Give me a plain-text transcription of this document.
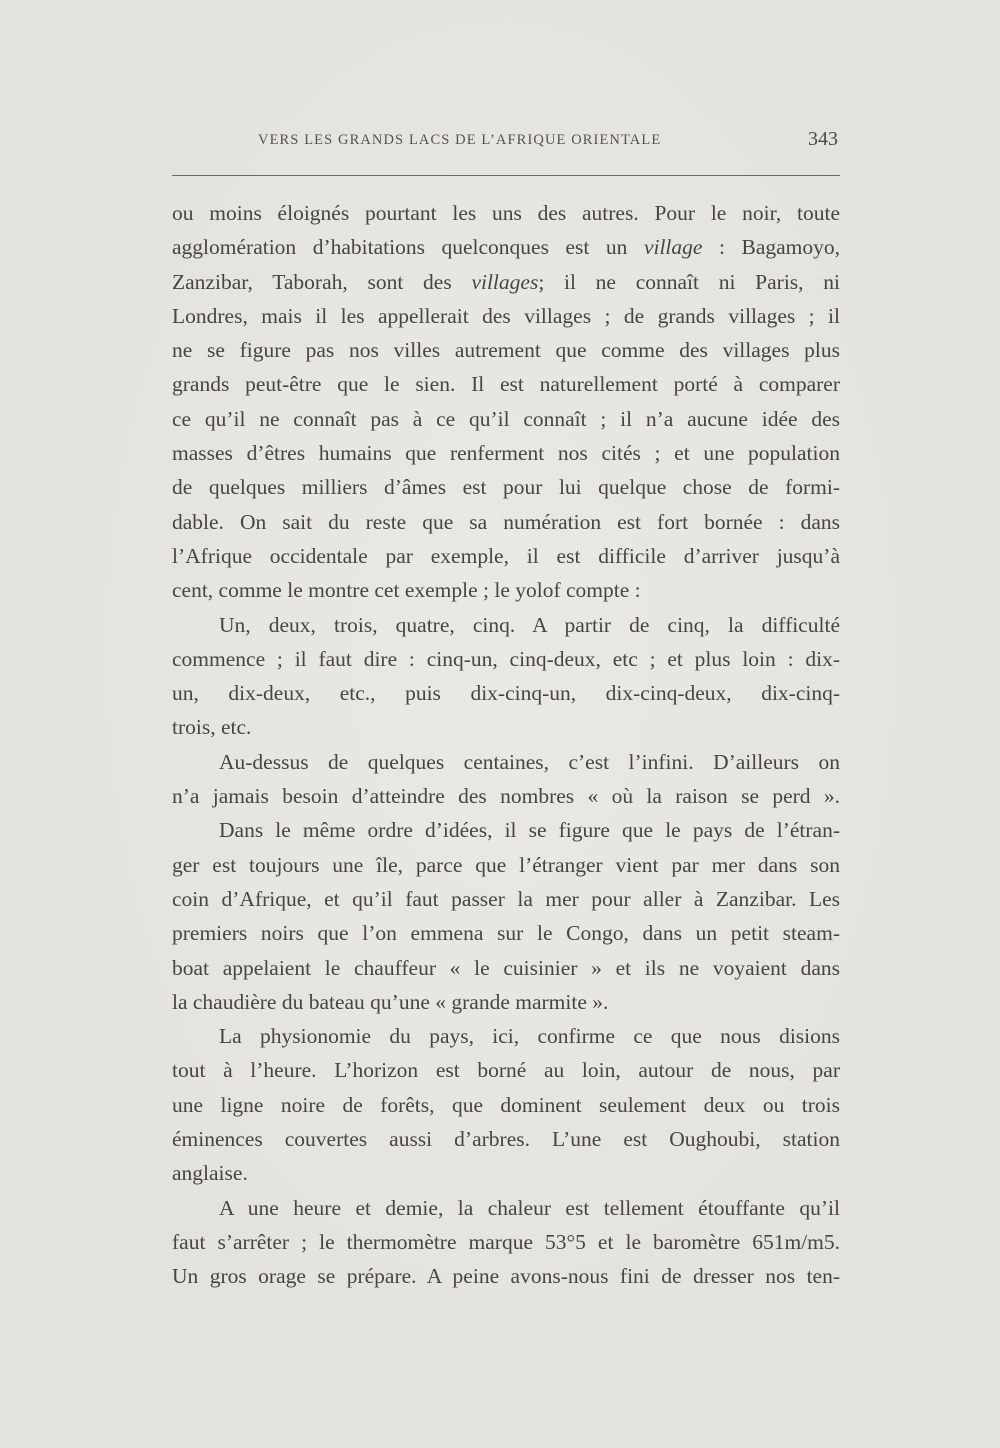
VERS LES GRANDS LACS DE L’AFRIQUE ORIENTALE	343
ou moins éloignés pourtant les uns des autres. Pour le noir, toute
agglomération d’habitations quelconques est un village : Bagamoyo,
Zanzibar, Taborah, sont des villages; il ne connaît ni Paris, ni
Londres, mais il les appellerait des villages ; de grands villages ; il
ne se figure pas nos villes autrement que comme des villages plus
grands peut-être que le sien. Il est naturellement porté à comparer
ce qu’il ne connaît pas à ce qu’il connaît ; il n’a aucune idée des
masses d’êtres humains que renferment nos cités ; et une population
de quelques milliers d’âmes est pour lui quelque chose de formi-
dable. On sait du reste que sa numération est fort bornée : dans
l’Afrique occidentale par exemple, il est difficile d’arriver jusqu’à
cent, comme le montre cet exemple ; le yolof compte :
Un, deux, trois, quatre, cinq. A partir de cinq, la difficulté
commence ; il faut dire : cinq-un, cinq-deux, etc ; et plus loin : dix-
un, dix-deux, etc., puis dix-cinq-un, dix-cinq-deux, dix-cinq-
trois, etc.
Au-dessus de quelques centaines, c’est l’infini. D’ailleurs on
n’a jamais besoin d’atteindre des nombres « où la raison se perd ».
Dans le même ordre d’idées, il se figure que le pays de l’étran-
ger est toujours une île, parce que l’étranger vient par mer dans son
coin d’Afrique, et qu’il faut passer la mer pour aller à Zanzibar. Les
premiers noirs que l’on emmena sur le Congo, dans un petit steam-
boat appelaient le chauffeur « le cuisinier » et ils ne voyaient dans
la chaudière du bateau qu’une « grande marmite ».
La physionomie du pays, ici, confirme ce que nous disions
tout à l’heure. L’horizon est borné au loin, autour de nous, par
une ligne noire de forêts, que dominent seulement deux ou trois
éminences couvertes aussi d’arbres. L’une est Oughoubi, station
anglaise.
A une heure et demie, la chaleur est tellement étouffante qu’il
faut s’arrêter ; le thermomètre marque 53°5 et le baromètre 651m/m5.
Un gros orage se prépare. A peine avons-nous fini de dresser nos ten-
